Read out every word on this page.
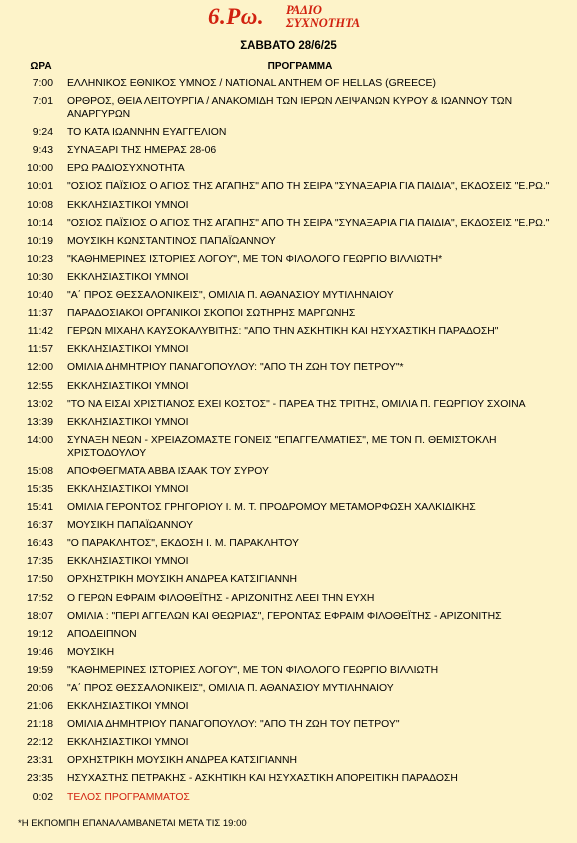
6.Ρω. ΡΑΔΙΟ
ΣΥΧΝΟΤΗΤΑ
ΣΑΒΒΑΤΟ 28/6/25
ΩΡΑ	ΠΡΟΓΡΑΜΜΑ
7:00 ΕΛΛΗΝΙΚΟΣ ΕΘΝΙΚΟΣ ΥΜΝΟΣ / NATIONAL ANTHEM OF HELLAS (GREECE)
7:01 ΟΡΘΡΟΣ, ΘΕΙΑ ΛΕΙΤΟΥΡΓΙΑ / ΑΝΑΚΟΜΙΔΗ ΤΩΝ ΙΕΡΩΝ ΛΕΙΨΑΝΩΝ ΚΥΡΟΥ & ΙΩΑΝΝΟΥ ΤΩΝ ΑΝΑΡΓΥΡΩΝ
9:24 ΤΟ ΚΑΤΑ ΙΩΑΝΝΗΝ ΕΥΑΓΓΕΛΙΟΝ
9:43 ΣΥΝΑΞΑΡΙ ΤΗΣ ΗΜΕΡΑΣ 28-06
10:00 ΕΡΩ ΡΑΔΙΟΣΥΧΝΟΤΗΤΑ
10:01 "ΟΣΙΟΣ ΠΑΪΣΙΟΣ Ο ΑΓΙΟΣ ΤΗΣ ΑΓΑΠΗΣ" ΑΠΟ ΤΗ ΣΕΙΡΑ "ΣΥΝΑΞΑΡΙΑ ΓΙΑ ΠΑΙΔΙΑ", ΕΚΔΟΣΕΙΣ "Ε.ΡΩ."
10:08 ΕΚΚΛΗΣΙΑΣΤΙΚΟΙ ΥΜΝΟΙ
10:14 "ΟΣΙΟΣ ΠΑΪΣΙΟΣ Ο ΑΓΙΟΣ ΤΗΣ ΑΓΑΠΗΣ" ΑΠΟ ΤΗ ΣΕΙΡΑ "ΣΥΝΑΞΑΡΙΑ ΓΙΑ ΠΑΙΔΙΑ", ΕΚΔΟΣΕΙΣ "Ε.ΡΩ."
10:19 ΜΟΥΣΙΚΗ ΚΩΝΣΤΑΝΤΙΝΟΣ ΠΑΠΑΪΩΑΝΝΟΥ
10:23 "ΚΑΘΗΜΕΡΙΝΕΣ ΙΣΤΟΡΙΕΣ ΛΟΓΟΥ", ΜΕ ΤΟΝ ΦΙΛΟΛΟΓΟ ΓΕΩΡΓΙΟ ΒΙΛΛΙΩΤΗ*
10:30 ΕΚΚΛΗΣΙΑΣΤΙΚΟΙ ΥΜΝΟΙ
10:40 "Α΄ ΠΡΟΣ ΘΕΣΣΑΛΟΝΙΚΕΙΣ", ΟΜΙΛΙΑ Π. ΑΘΑΝΑΣΙΟΥ ΜΥΤΙΛΗΝΑΙΟΥ
11:37 ΠΑΡΑΔΟΣΙΑΚΟΙ ΟΡΓΑΝΙΚΟΙ ΣΚΟΠΟΙ ΣΩΤΗΡΗΣ ΜΑΡΓΩΝΗΣ
11:42 ΓΕΡΩΝ ΜΙΧΑΗΛ ΚΑΥΣΟΚΑΛΥΒΙΤΗΣ: "ΑΠΟ ΤΗΝ ΑΣΚΗΤΙΚΗ ΚΑΙ ΗΣΥΧΑΣΤΙΚΗ ΠΑΡΑΔΟΣΗ"
11:57 ΕΚΚΛΗΣΙΑΣΤΙΚΟΙ ΥΜΝΟΙ
12:00 ΟΜΙΛΙΑ ΔΗΜΗΤΡΙΟΥ ΠΑΝΑΓΟΠΟΥΛΟΥ: "ΑΠΟ ΤΗ ΖΩΗ ΤΟΥ ΠΕΤΡΟΥ"*
12:55 ΕΚΚΛΗΣΙΑΣΤΙΚΟΙ ΥΜΝΟΙ
13:02 "ΤΟ ΝΑ ΕΙΣΑΙ ΧΡΙΣΤΙΑΝΟΣ ΕΧΕΙ ΚΟΣΤΟΣ" - ΠΑΡΕΑ ΤΗΣ ΤΡΙΤΗΣ, ΟΜΙΛΙΑ Π. ΓΕΩΡΓΙΟΥ ΣΧΟΙΝΑ
13:39 ΕΚΚΛΗΣΙΑΣΤΙΚΟΙ ΥΜΝΟΙ
14:00 ΣΥΝΑΞΗ ΝΕΩΝ - ΧΡΕΙΑΖΟΜΑΣΤΕ ΓΟΝΕΙΣ "ΕΠΑΓΓΕΛΜΑΤΙΕΣ", ΜΕ ΤΟΝ Π. ΘΕΜΙΣΤΟΚΛΗ ΧΡΙΣΤΟΔΟΥΛΟΥ
15:08 ΑΠΟΦΘΕΓΜΑΤΑ ΑΒΒΑ ΙΣΑΑΚ ΤΟΥ ΣΥΡΟΥ
15:35 ΕΚΚΛΗΣΙΑΣΤΙΚΟΙ ΥΜΝΟΙ
15:41 ΟΜΙΛΙΑ ΓΕΡΟΝΤΟΣ ΓΡΗΓΟΡΙΟΥ Ι. Μ. Τ. ΠΡΟΔΡΟΜΟΥ ΜΕΤΑΜΟΡΦΩΣΗ ΧΑΛΚΙΔΙΚΗΣ
16:37 ΜΟΥΣΙΚΗ ΠΑΠΑΪΩΑΝΝΟΥ
16:43 "Ο ΠΑΡΑΚΛΗΤΟΣ", ΕΚΔΟΣΗ Ι. Μ. ΠΑΡΑΚΛΗΤΟΥ
17:35 ΕΚΚΛΗΣΙΑΣΤΙΚΟΙ ΥΜΝΟΙ
17:50 ΟΡΧΗΣΤΡΙΚΗ ΜΟΥΣΙΚΗ ΑΝΔΡΕΑ ΚΑΤΣΙΓΙΑΝΝΗ
17:52 Ο ΓΕΡΩΝ ΕΦΡΑΙΜ ΦΙΛΟΘΕΪΤΗΣ - ΑΡΙΖΟΝΙΤΗΣ ΛΕΕΙ ΤΗΝ ΕΥΧΗ
18:07 ΟΜΙΛΙΑ : "ΠΕΡΙ ΑΓΓΕΛΩΝ ΚΑΙ ΘΕΩΡΙΑΣ", ΓΕΡΟΝΤΑΣ ΕΦΡΑΙΜ ΦΙΛΟΘΕΪΤΗΣ - ΑΡΙΖΟΝΙΤΗΣ
19:12 ΑΠΟΔΕΙΠΝΟΝ
19:46 ΜΟΥΣΙΚΗ
19:59 "ΚΑΘΗΜΕΡΙΝΕΣ ΙΣΤΟΡΙΕΣ ΛΟΓΟΥ", ΜΕ ΤΟΝ ΦΙΛΟΛΟΓΟ ΓΕΩΡΓΙΟ ΒΙΛΛΙΩΤΗ
20:06 "Α΄ ΠΡΟΣ ΘΕΣΣΑΛΟΝΙΚΕΙΣ", ΟΜΙΛΙΑ Π. ΑΘΑΝΑΣΙΟΥ ΜΥΤΙΛΗΝΑΙΟΥ
21:06 ΕΚΚΛΗΣΙΑΣΤΙΚΟΙ ΥΜΝΟΙ
21:18 ΟΜΙΛΙΑ ΔΗΜΗΤΡΙΟΥ ΠΑΝΑΓΟΠΟΥΛΟΥ: "ΑΠΟ ΤΗ ΖΩΗ ΤΟΥ ΠΕΤΡΟΥ"
22:12 ΕΚΚΛΗΣΙΑΣΤΙΚΟΙ ΥΜΝΟΙ
23:31 ΟΡΧΗΣΤΡΙΚΗ ΜΟΥΣΙΚΗ ΑΝΔΡΕΑ ΚΑΤΣΙΓΙΑΝΝΗ
23:35 ΗΣΥΧΑΣΤΗΣ ΠΕΤΡΑΚΗΣ - ΑΣΚΗΤΙΚΗ ΚΑΙ ΗΣΥΧΑΣΤΙΚΗ ΑΠΟΡΕΙΤΙΚΗ ΠΑΡΑΔΟΣΗ
0:02 ΤΕΛΟΣ ΠΡΟΓΡΑΜΜΑΤΟΣ
*Η ΕΚΠΟΜΠΗ ΕΠΑΝΑΛΑΜΒΑΝΕΤΑΙ ΜΕΤΑ ΤΙΣ 19:00
